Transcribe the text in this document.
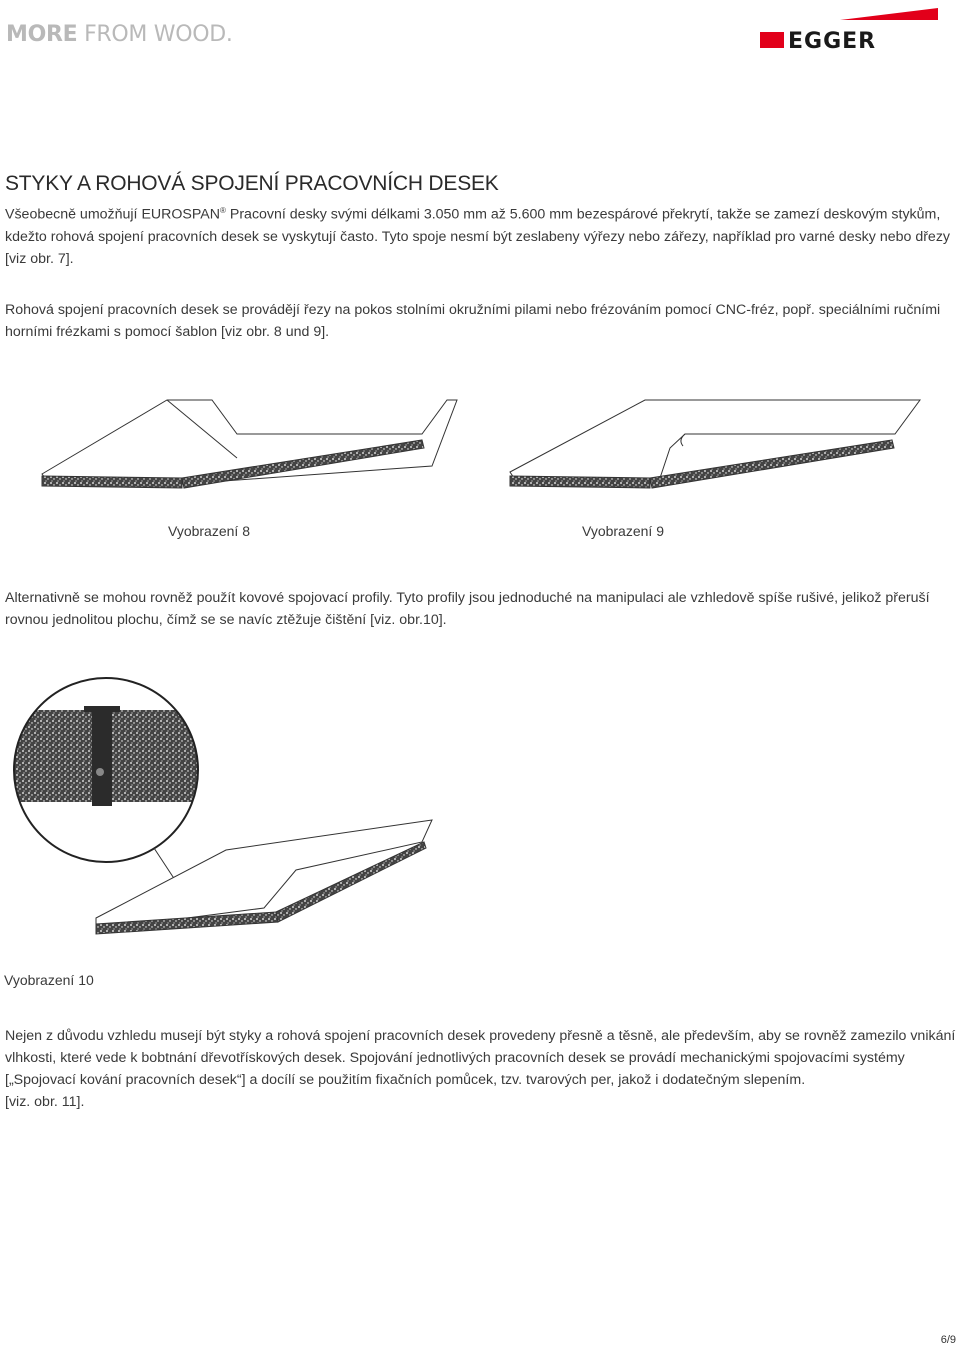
MORE FROM WOOD.	EGGER
STYKY A ROHOVÁ SPOJENÍ PRACOVNÍCH DESEK

Všeobecně umožňují EUROSPAN® Pracovní desky svými délkami 3.050 mm až 5.600 mm bezespárové překrytí, takže se zamezí deskovým stykům,
kdežto rohová spojení pracovních desek se vyskytují často. Tyto spoje nesmí být zeslabeny výřezy nebo zářezy, například pro varné desky nebo dřezy
[viz obr. 7].

Rohová spojení pracovních desek se provádějí řezy na pokos stolními okružními pilami nebo frézováním pomocí CNC-fréz, popř. speciálními ručními
horními frézkami s pomocí šablon [viz obr. 8 und 9].

Vyobrazení 8	Vyobrazení 9

Alternativně se mohou rovněž použít kovové spojovací profily. Tyto profily jsou jednoduché na manipulaci ale vzhledově spíše rušivé, jelikož přeruší
rovnou jednolitou plochu, čímž se se navíc ztěžuje čištění [viz. obr.10].

Vyobrazení 10

Nejen z důvodu vzhledu musejí být styky a rohová spojení pracovních desek provedeny přesně a těsně, ale především, aby se rovněž zamezilo vnikání
vlhkosti, které vede k bobtnání dřevotřískových desek. Spojování jednotlivých pracovních desek se provádí mechanickými spojovacími systémy
[„Spojovací kování pracovních desek“] a docílí se použitím fixačních pomůcek, tzv. tvarových per, jakož i dodatečným slepením.
[viz. obr. 11].

6/9
